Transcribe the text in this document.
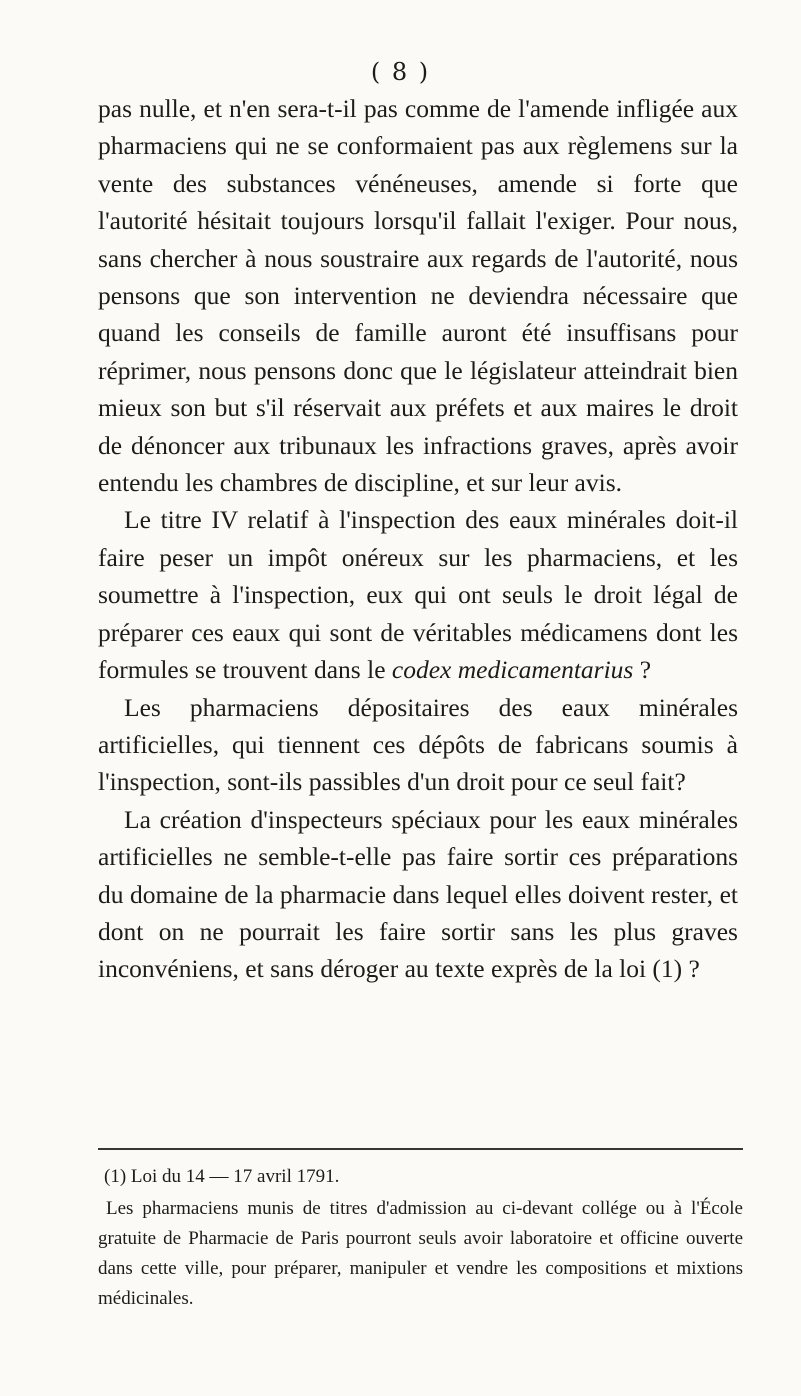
( 8 )

pas nulle, et n'en sera-t-il pas comme de l'amende infligée aux pharmaciens qui ne se conformaient pas aux règlemens sur la vente des substances vénéneuses, amende si forte que l'autorité hésitait toujours lorsqu'il fallait l'exiger. Pour nous, sans chercher à nous soustraire aux regards de l'autorité, nous pensons que son intervention ne deviendra nécessaire que quand les conseils de famille auront été insuffisans pour réprimer, nous pensons donc que le législateur atteindrait bien mieux son but s'il réservait aux préfets et aux maires le droit de dénoncer aux tribunaux les infractions graves, après avoir entendu les chambres de discipline, et sur leur avis.

Le titre IV relatif à l'inspection des eaux minérales doit-il faire peser un impôt onéreux sur les pharmaciens, et les soumettre à l'inspection, eux qui ont seuls le droit légal de préparer ces eaux qui sont de véritables médicamens dont les formules se trouvent dans le codex medicamentarius ?

Les pharmaciens dépositaires des eaux minérales artificielles, qui tiennent ces dépôts de fabricans soumis à l'inspection, sont-ils passibles d'un droit pour ce seul fait?

La création d'inspecteurs spéciaux pour les eaux minérales artificielles ne semble-t-elle pas faire sortir ces préparations du domaine de la pharmacie dans lequel elles doivent rester, et dont on ne pourrait les faire sortir sans les plus graves inconvéniens, et sans déroger au texte exprès de la loi (1) ?

(1) Loi du 14 — 17 avril 1791.

Les pharmaciens munis de titres d'admission au ci-devant collége ou à l'École gratuite de Pharmacie de Paris pourront seuls avoir laboratoire et officine ouverte dans cette ville, pour préparer, manipuler et vendre les compositions et mixtions médicinales.
